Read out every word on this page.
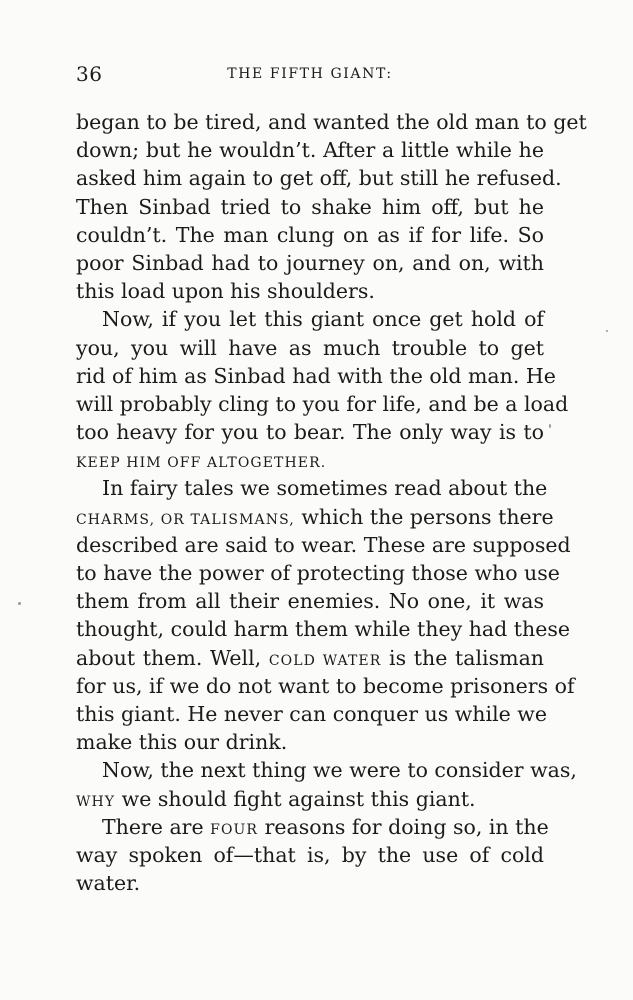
36	THE FIFTH GIANT:
began to be tired, and wanted the old man to get
down; but he wouldn’t. After a little while he
asked him again to get off, but still he refused.
Then Sinbad tried to shake him off, but he
couldn’t. The man clung on as if for life. So
poor Sinbad had to journey on, and on, with
this load upon his shoulders.
Now, if you let this giant once get hold of
you, you will have as much trouble to get
rid of him as Sinbad had with the old man. He
will probably cling to you for life, and be a load
too heavy for you to bear. The only way is to
KEEP HIM OFF ALTOGETHER.
In fairy tales we sometimes read about the
CHARMS, OR TALISMANS, which the persons there
described are said to wear. These are supposed
to have the power of protecting those who use
them from all their enemies. No one, it was
thought, could harm them while they had these
about them. Well, COLD WATER is the talisman
for us, if we do not want to become prisoners of
this giant. He never can conquer us while we
make this our drink.
Now, the next thing we were to consider was,
WHY we should fight against this giant.
There are FOUR reasons for doing so, in the
way spoken of—that is, by the use of cold
water.
